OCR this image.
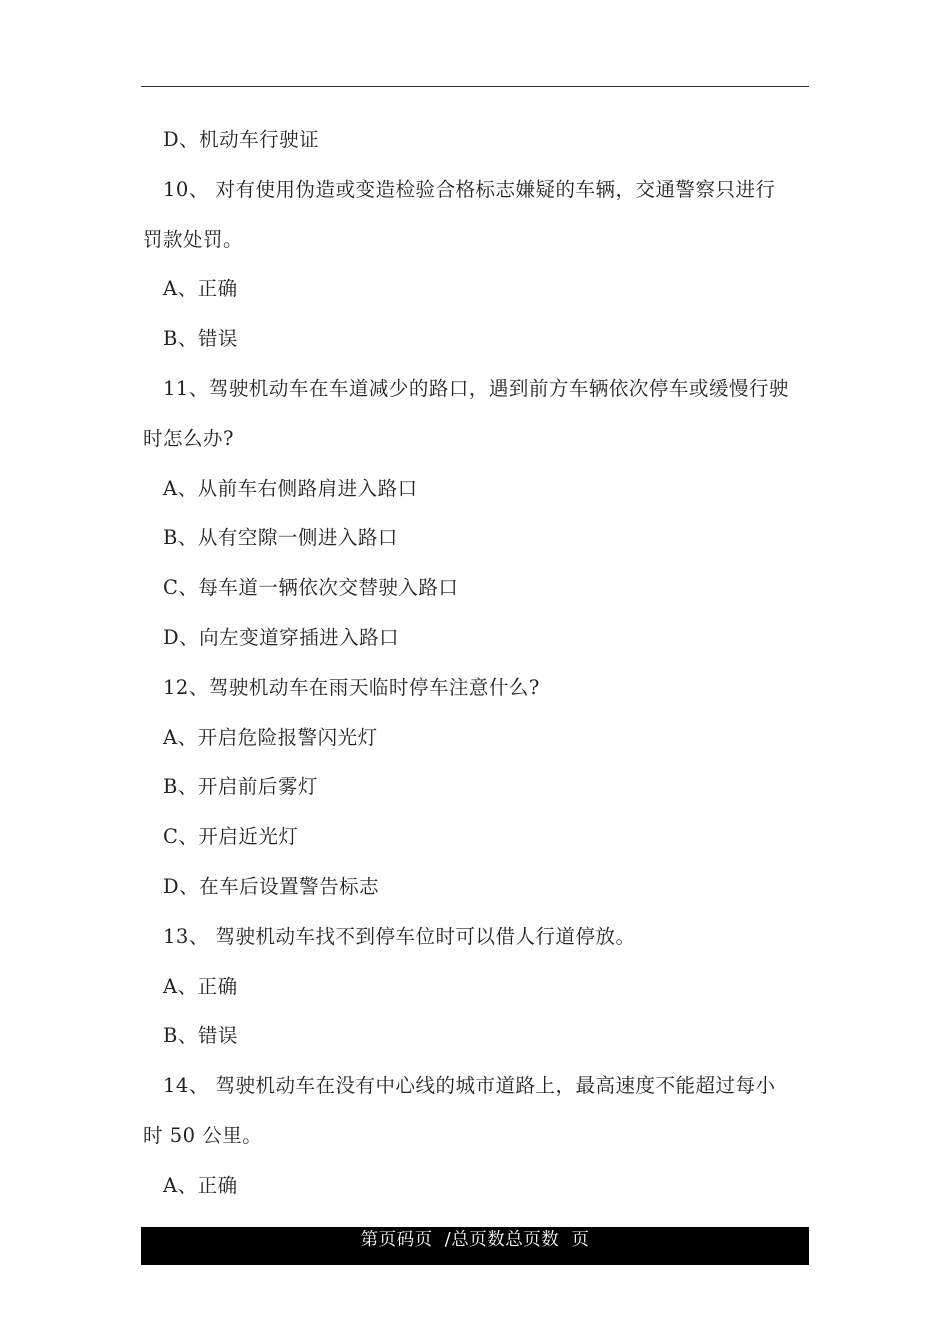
D、机动车行驶证
10、 对有使用伪造或变造检验合格标志嫌疑的车辆，交通警察只进行
罚款处罚。
A、正确
B、错误
11、驾驶机动车在车道减少的路口，遇到前方车辆依次停车或缓慢行驶
时怎么办?
A、从前车右侧路肩进入路口
B、从有空隙一侧进入路口
C、每车道一辆依次交替驶入路口
D、向左变道穿插进入路口
12、驾驶机动车在雨天临时停车注意什么?
A、开启危险报警闪光灯
B、开启前后雾灯
C、开启近光灯
D、在车后设置警告标志
13、 驾驶机动车找不到停车位时可以借人行道停放。
A、正确
B、错误
14、 驾驶机动车在没有中心线的城市道路上，最高速度不能超过每小
时 50 公里。
A、正确
第页码页  /总页数总页数  页
